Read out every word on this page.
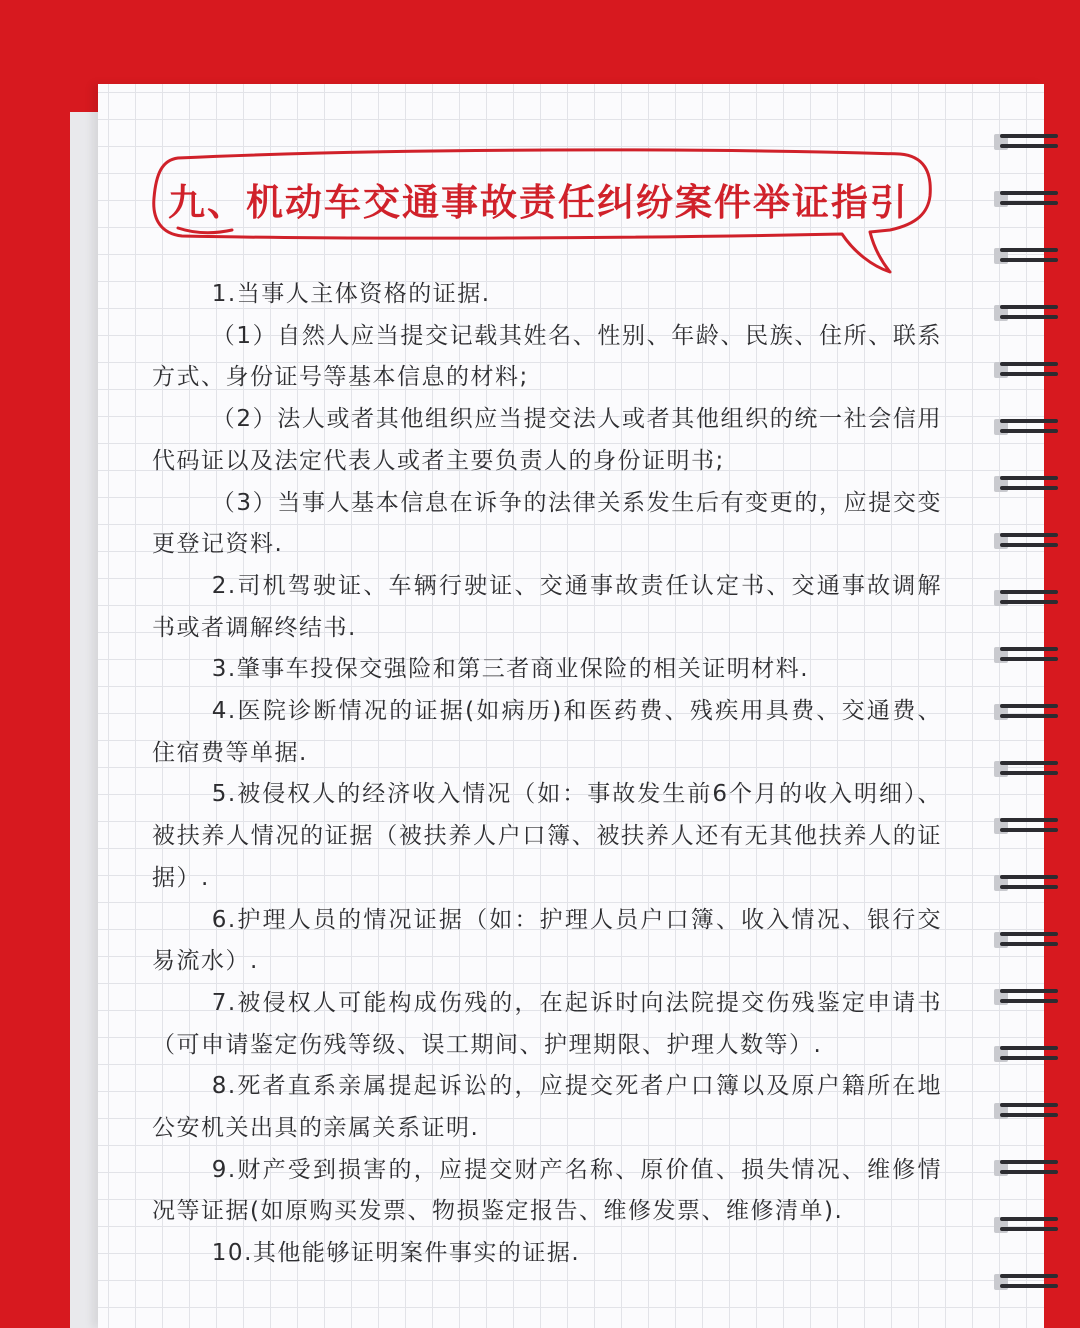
九、机动车交通事故责任纠纷案件举证指引

1.当事人主体资格的证据.

（1）自然人应当提交记载其姓名、性别、年龄、民族、住所、联系方式、身份证号等基本信息的材料;

（2）法人或者其他组织应当提交法人或者其他组织的统一社会信用代码证以及法定代表人或者主要负责人的身份证明书;

（3）当事人基本信息在诉争的法律关系发生后有变更的，应提交变更登记资料.

2.司机驾驶证、车辆行驶证、交通事故责任认定书、交通事故调解书或者调解终结书.

3.肇事车投保交强险和第三者商业保险的相关证明材料.

4.医院诊断情况的证据(如病历)和医药费、残疾用具费、交通费、住宿费等单据.

5.被侵权人的经济收入情况（如：事故发生前6个月的收入明细）、被扶养人情况的证据（被扶养人户口簿、被扶养人还有无其他扶养人的证据）.

6.护理人员的情况证据（如：护理人员户口簿、收入情况、银行交易流水）.

7.被侵权人可能构成伤残的，在起诉时向法院提交伤残鉴定申请书（可申请鉴定伤残等级、误工期间、护理期限、护理人数等）.

8.死者直系亲属提起诉讼的，应提交死者户口簿以及原户籍所在地公安机关出具的亲属关系证明.

9.财产受到损害的，应提交财产名称、原价值、损失情况、维修情况等证据(如原购买发票、物损鉴定报告、维修发票、维修清单).

10.其他能够证明案件事实的证据.
